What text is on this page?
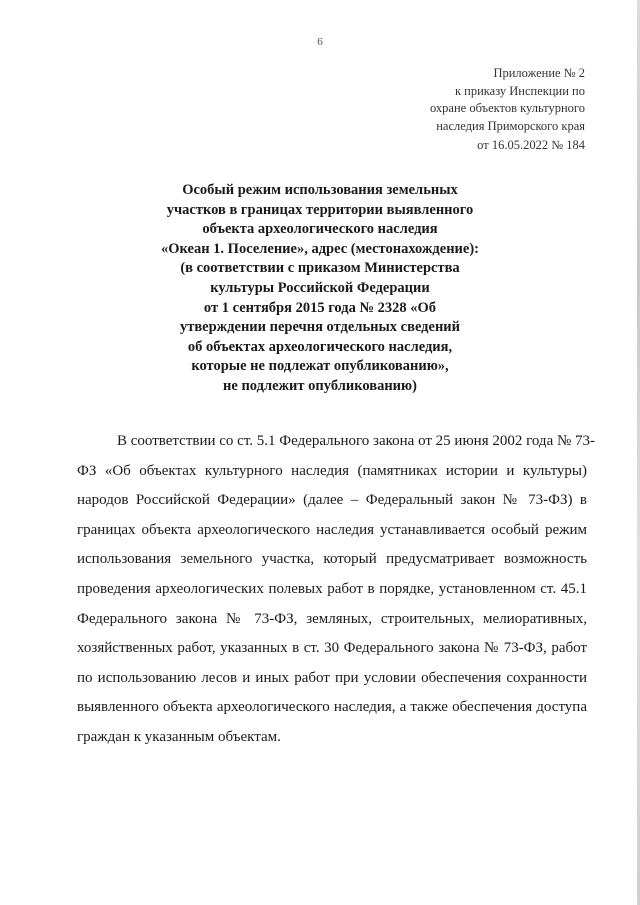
6
Приложение № 2
к приказу Инспекции по
охране объектов культурного
наследия Приморского края
от 16.05.2022 № 184
Особый режим использования земельных
участков в границах территории выявленного
объекта археологического наследия
«Океан 1. Поселение», адрес (местонахождение):
(в соответствии с приказом Министерства
культуры Российской Федерации
от 1 сентября 2015 года № 2328 «Об
утверждении перечня отдельных сведений
об объектах археологического наследия,
которые не подлежат опубликованию»,
не подлежит опубликованию)
В соответствии со ст. 5.1 Федерального закона от 25 июня 2002 года № 73-
ФЗ «Об объектах культурного наследия (памятниках истории и культуры)
народов Российской Федерации» (далее – Федеральный закон № 73-ФЗ) в
границах объекта археологического наследия устанавливается особый режим
использования земельного участка, который предусматривает возможность
проведения археологических полевых работ в порядке, установленном ст. 45.1
Федерального закона № 73-ФЗ, земляных, строительных, мелиоративных,
хозяйственных работ, указанных в ст. 30 Федерального закона № 73-ФЗ, работ
по использованию лесов и иных работ при условии обеспечения сохранности
выявленного объекта археологического наследия, а также обеспечения доступа
граждан к указанным объектам.
